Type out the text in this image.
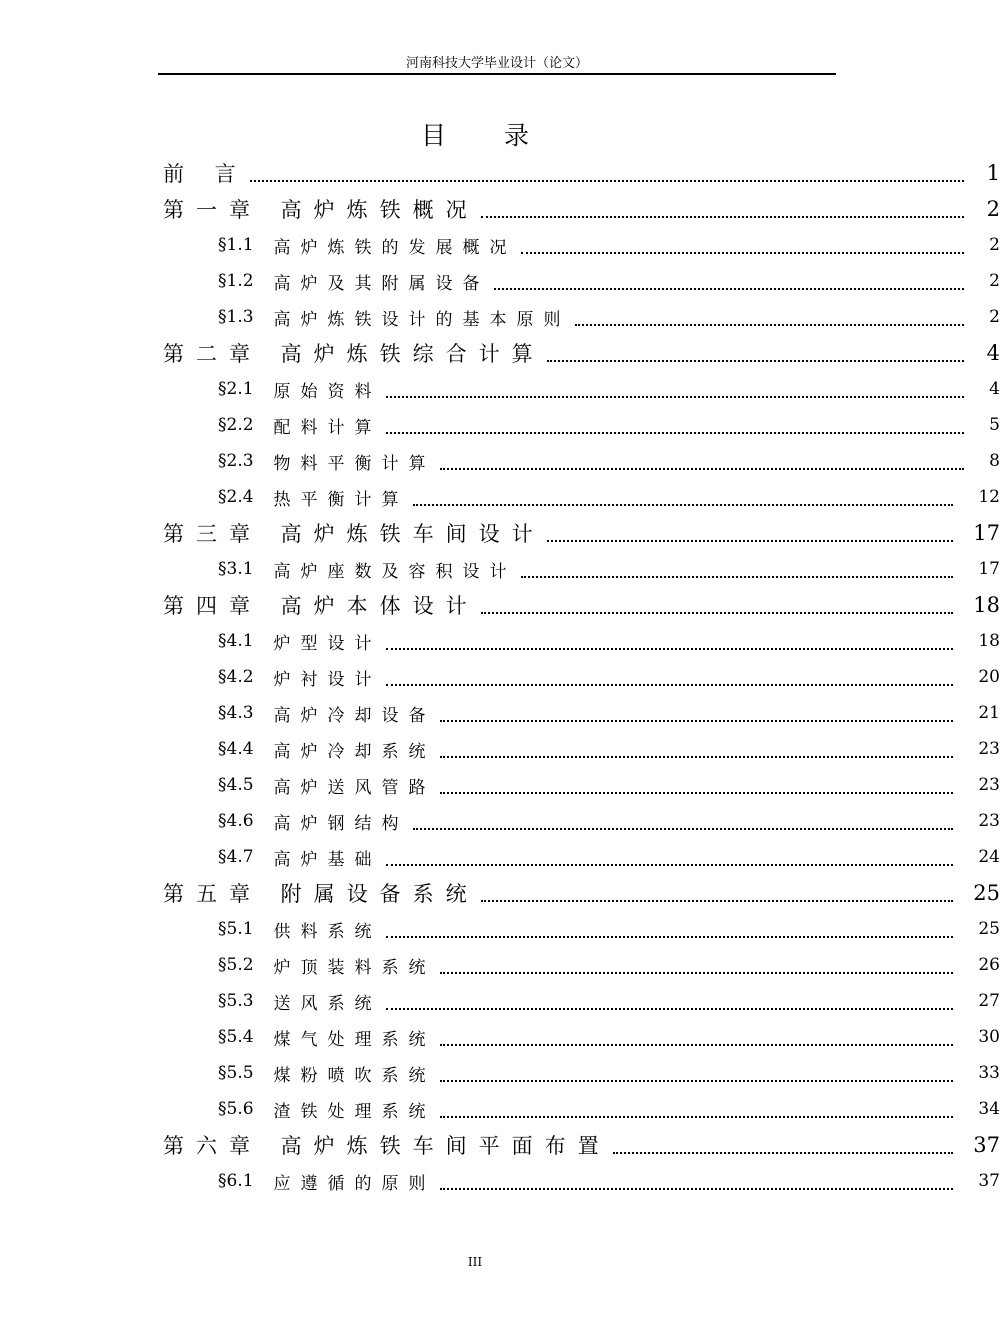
河南科技大学毕业设计（论文）
目 录
前 言	1
第一章 高炉炼铁概况	2
§1.1 高炉炼铁的发展概况	2
§1.2 高炉及其附属设备	2
§1.3 高炉炼铁设计的基本原则	2
第二章 高炉炼铁综合计算	4
§2.1 原始资料	4
§2.2 配料计算	5
§2.3 物料平衡计算	8
§2.4 热平衡计算	12
第三章 高炉炼铁车间设计	17
§3.1 高炉座数及容积设计	17
第四章 高炉本体设计	18
§4.1 炉型设计	18
§4.2 炉衬设计	20
§4.3 高炉冷却设备	21
§4.4 高炉冷却系统	23
§4.5 高炉送风管路	23
§4.6 高炉钢结构	23
§4.7 高炉基础	24
第五章 附属设备系统	25
§5.1 供料系统	25
§5.2 炉顶装料系统	26
§5.3 送风系统	27
§5.4 煤气处理系统	30
§5.5 煤粉喷吹系统	33
§5.6 渣铁处理系统	34
第六章 高炉炼铁车间平面布置	37
§6.1 应遵循的原则	37
III
